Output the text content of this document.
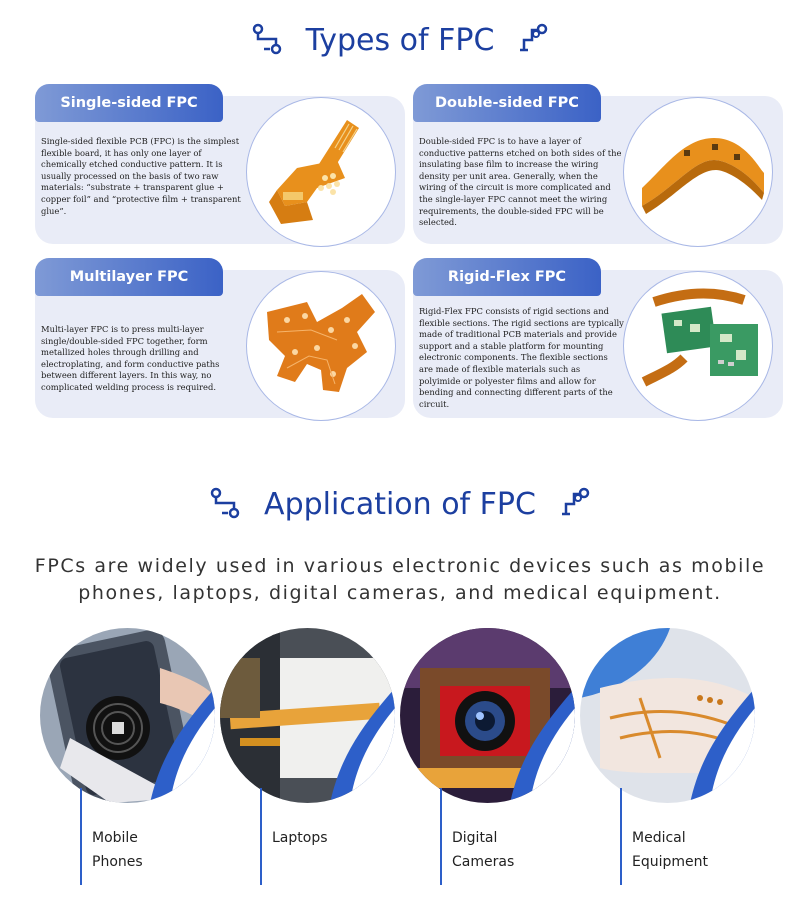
Types of FPC
Single-sided FPC
Single-sided flexible PCB (FPC) is the simplest flexible board, it has only one layer of chemically etched conductive pattern. It is usually processed on the basis of two raw materials: “substrate + transparent glue + copper foil” and “protective film + transparent glue”.
Double-sided FPC
Double-sided FPC is to have a layer of conductive patterns etched on both sides of the insulating base film to increase the wiring density per unit area. Generally, when the wiring of the circuit is more complicated and the single-layer FPC cannot meet the wiring requirements, the double-sided FPC will be selected.
Multilayer FPC
Multi-layer FPC is to press multi-layer single/double-sided FPC together, form metallized holes through drilling and electroplating, and form conductive paths between different layers. In this way, no complicated welding process is required.
Rigid-Flex FPC
Rigid-Flex FPC consists of rigid sections and flexible sections. The rigid sections are typically made of traditional PCB materials and provide support and a stable platform for mounting electronic components. The flexible sections are made of flexible materials such as polyimide or polyester films and allow for bending and connecting different parts of the circuit.
Application of FPC
FPCs are widely used in various electronic devices such as mobile phones, laptops, digital cameras, and medical equipment.
Mobile
Phones
Laptops	Digital
Cameras
Medical
Equipment
